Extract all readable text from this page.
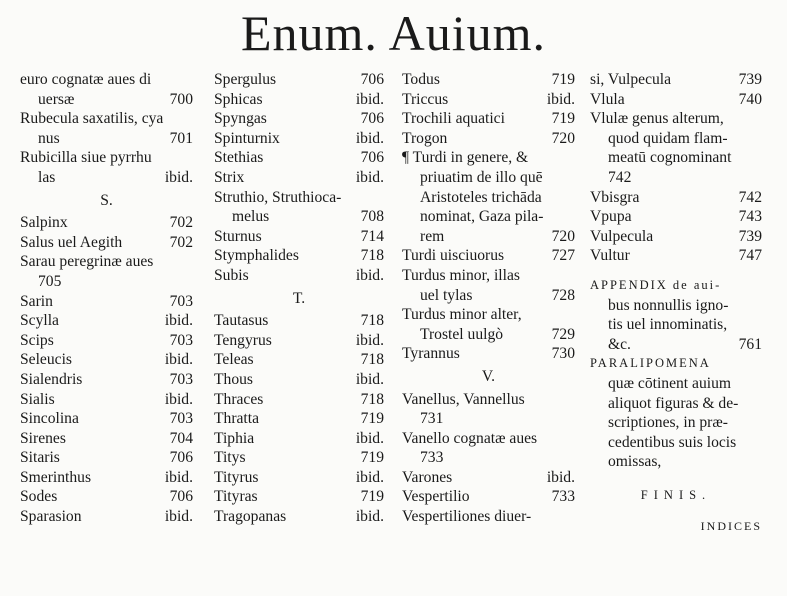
Enum. Auium.
euro cognatæ aues di
uersæ	700
Rubecula saxatilis, cya
nus	701
Rubicilla siue pyrrhu
las	ibid.
S.
Salpinx	702
Salus uel Aegith	702
Sarau peregrinæ aues
705
Sarin	703
Scylla	ibid.
Scips	703
Seleucis	ibid.
Sialendris	703
Sialis	ibid.
Sincolina	703
Sirenes	704
Sitaris	706
Smerinthus	ibid.
Sodes	706
Sparasion	ibid.
Spergulus	706
Sphicas	ibid.
Spyngas	706
Spinturnix	ibid.
Stethias	706
Strix	ibid.
Struthio, Struthioca-
melus	708
Sturnus	714
Stymphalides	718
Subis	ibid.
T.
Tautasus	718
Tengyrus	ibid.
Teleas	718
Thous	ibid.
Thraces	718
Thratta	719
Tiphia	ibid.
Titys	719
Tityrus	ibid.
Tityras	719
Tragopanas	ibid.
Todus	719
Triccus	ibid.
Trochili aquatici	719
Trogon	720
¶ Turdi in genere, &
priuatim de illo quē
Aristoteles trichāda
nominat, Gaza pila-
rem	720
Turdi uisciuorus	727
Turdus minor, illas
uel tylas	728
Turdus minor alter,
Trostel uulgò	729
Tyrannus	730
V.
Vanellus, Vannellus
731
Vanello cognatæ aues
733
Varones	ibid.
Vespertilio	733
Vespertiliones diuer-
si, Vulpecula	739
Vlula	740
Vlulæ genus alterum,
quod quidam flam-
meatū cognominant
742
Vbisgra	742
Vpupa	743
Vulpecula	739
Vultur	747
APPENDIX de aui-
bus nonnullis igno-
tis uel innominatis,
&c.	761
PARALIPOMENA
quæ cōtinent auium
aliquot figuras & de-
scriptiones, in præ-
cedentibus suis locis
omissas,
FINIS.
INDICES
